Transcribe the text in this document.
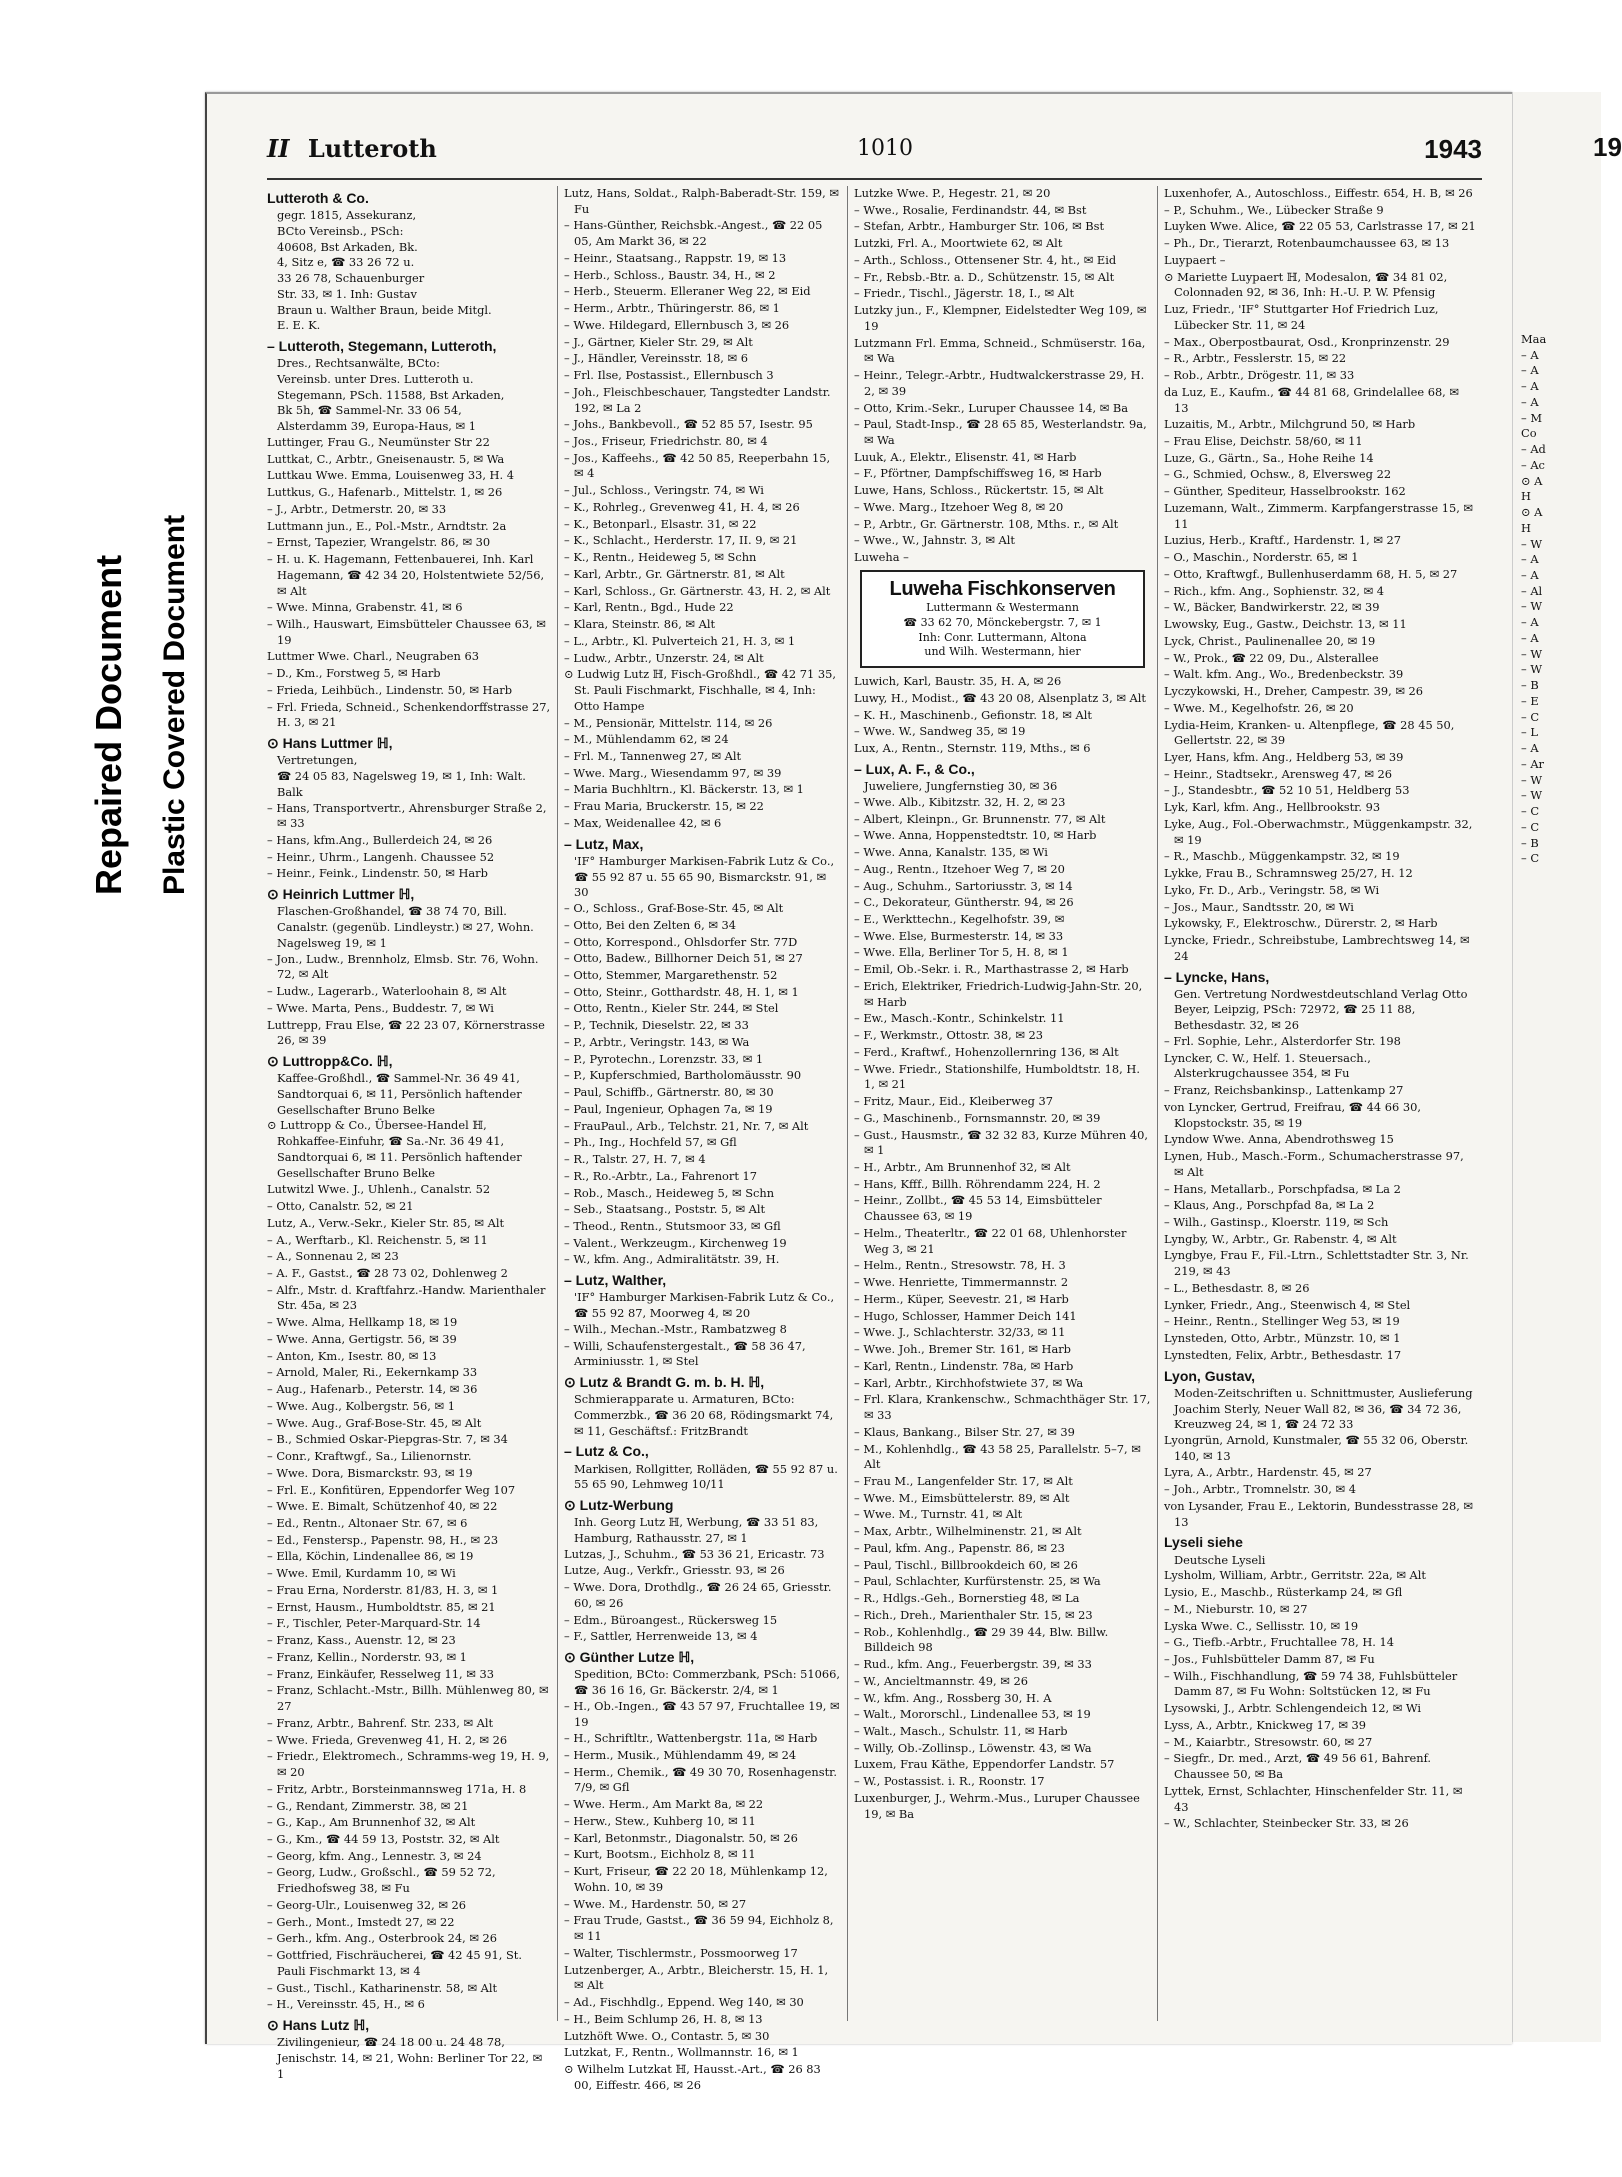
Repaired Document Plastic Covered Document
II Lutteroth	1010	1943
Lutteroth & Co.
gegr. 1815, Assekuranz,
BCto Vereinsb., PSch:
40608, Bst Arkaden, Bk.
4, Sitz e, ☎ 33 26 72 u.
33 26 78, Schauenburger
Str. 33, ✉ 1. Inh: Gustav
Braun u. Walther Braun, beide Mitgl.
E. E. K.
– Lutteroth, Stegemann, Lutteroth,
Dres., Rechtsanwälte, BCto:
Vereinsb. unter Dres. Lutteroth u.
Stegemann, PSch. 11588, Bst Arkaden,
Bk 5h, ☎ Sammel-Nr. 33 06 54,
Alsterdamm 39, Europa-Haus, ✉ 1
Luttinger, Frau G., Neumünster Str 22
Luttkat, C., Arbtr., Gneisenaustr. 5, ✉ Wa
Luttkau Wwe. Emma, Louisenweg 33, H. 4
Luttkus, G., Hafenarb., Mittelstr. 1, ✉ 26
– J., Arbtr., Detmerstr. 20, ✉ 33
Luttmann jun., E., Pol.-Mstr., Arndtstr. 2a
– Ernst, Tapezier, Wrangelstr. 86, ✉ 30
– H. u. K. Hagemann, Fettenbauerei, Inh. Karl Hagemann, ☎ 42 34 20, Holstentwiete 52/56, ✉ Alt
– Wwe. Minna, Grabenstr. 41, ✉ 6
– Wilh., Hauswart, Eimsbütteler Chaussee 63, ✉ 19
Luttmer Wwe. Charl., Neugraben 63
– D., Km., Forstweg 5, ✉ Harb
– Frieda, Leihbüch., Lindenstr. 50, ✉ Harb
– Frl. Frieda, Schneid., Schenkendorffstrasse 27, H. 3, ✉ 21
⊙ Hans Luttmer ℍ,
Vertretungen,
☎ 24 05 83, Nagelsweg 19, ✉ 1, Inh: Walt. Balk
– Hans, Transportvertr., Ahrensburger Straße 2, ✉ 33
– Hans, kfm.Ang., Bullerdeich 24, ✉ 26
– Heinr., Uhrm., Langenh. Chaussee 52
– Heinr., Feink., Lindenstr. 50, ✉ Harb
⊙ Heinrich Luttmer ℍ,
Flaschen-Großhandel, ☎ 38 74 70, Bill. Canalstr. (gegenüb. Lindleystr.) ✉ 27, Wohn. Nagelsweg 19, ✉ 1
– Jon., Ludw., Brennholz, Elmsb. Str. 76, Wohn. 72, ✉ Alt
– Ludw., Lagerarb., Waterloohain 8, ✉ Alt
– Wwe. Marta, Pens., Buddestr. 7, ✉ Wi
Luttrepp, Frau Else, ☎ 22 23 07, Körnerstrasse 26, ✉ 39
⊙ Luttropp&Co. ℍ,
Kaffee-Großhdl., ☎ Sammel-Nr. 36 49 41, Sandtorquai 6, ✉ 11, Persönlich haftender Gesellschafter Bruno Belke
⊙ Luttropp & Co., Übersee-Handel ℍ, Rohkaffee-Einfuhr, ☎ Sa.-Nr. 36 49 41, Sandtorquai 6, ✉ 11. Persönlich haftender Gesellschafter Bruno Belke
Lutwitzl Wwe. J., Uhlenh., Canalstr. 52
– Otto, Canalstr. 52, ✉ 21
Lutz, A., Verw.-Sekr., Kieler Str. 85, ✉ Alt
– A., Werftarb., Kl. Reichenstr. 5, ✉ 11
– A., Sonnenau 2, ✉ 23
– A. F., Gastst., ☎ 28 73 02, Dohlenweg 2
– Alfr., Mstr. d. Kraftfahrz.-Handw. Marienthaler Str. 45a, ✉ 23
– Wwe. Alma, Hellkamp 18, ✉ 19
– Wwe. Anna, Gertigstr. 56, ✉ 39
– Anton, Km., Isestr. 80, ✉ 13
– Arnold, Maler, Ri., Eekernkamp 33
– Aug., Hafenarb., Peterstr. 14, ✉ 36
– Wwe. Aug., Kolbergstr. 56, ✉ 1
– Wwe. Aug., Graf-Bose-Str. 45, ✉ Alt
– B., Schmied Oskar-Piepgras-Str. 7, ✉ 34
– Conr., Kraftwgf., Sa., Lilienornstr.
– Wwe. Dora, Bismarckstr. 93, ✉ 19
– Frl. E., Konfitüren, Eppendorfer Weg 107
– Wwe. E. Bimalt, Schützenhof 40, ✉ 22
– Ed., Rentn., Altonaer Str. 67, ✉ 6
– Ed., Fenstersp., Papenstr. 98, H., ✉ 23
– Ella, Köchin, Lindenallee 86, ✉ 19
– Wwe. Emil, Kurdamm 10, ✉ Wi
– Frau Erna, Norderstr. 81/83, H. 3, ✉ 1
– Ernst, Hausm., Humboldtstr. 85, ✉ 21
– F., Tischler, Peter-Marquard-Str. 14
– Franz, Kass., Auenstr. 12, ✉ 23
– Franz, Kellin., Norderstr. 93, ✉ 1
– Franz, Einkäufer, Resselweg 11, ✉ 33
– Franz, Schlacht.-Mstr., Billh. Mühlenweg 80, ✉ 27
– Franz, Arbtr., Bahrenf. Str. 233, ✉ Alt
– Wwe. Frieda, Grevenweg 41, H. 2, ✉ 26
– Friedr., Elektromech., Schramms-weg 19, H. 9, ✉ 20
– Fritz, Arbtr., Borsteinmannsweg 171a, H. 8
– G., Rendant, Zimmerstr. 38, ✉ 21
– G., Kap., Am Brunnenhof 32, ✉ Alt
– G., Km., ☎ 44 59 13, Poststr. 32, ✉ Alt
– Georg, kfm. Ang., Lennestr. 3, ✉ 24
– Georg, Ludw., Großschl., ☎ 59 52 72, Friedhofsweg 38, ✉ Fu
– Georg-Ulr., Louisenweg 32, ✉ 26
– Gerh., Mont., Imstedt 27, ✉ 22
– Gerh., kfm. Ang., Osterbrook 24, ✉ 26
– Gottfried, Fischräucherei, ☎ 42 45 91, St. Pauli Fischmarkt 13, ✉ 4
– Gust., Tischl., Katharinenstr. 58, ✉ Alt
– H., Vereinsstr. 45, H., ✉ 6
⊙ Hans Lutz ℍ,
Zivilingenieur, ☎ 24 18 00 u. 24 48 78, Jenischstr. 14, ✉ 21, Wohn: Berliner Tor 22, ✉ 1
Lutz, Hans, Soldat., Ralph-Baberadt-Str. 159, ✉ Fu
– Hans-Günther, Reichsbk.-Angest., ☎ 22 05 05, Am Markt 36, ✉ 22
– Heinr., Staatsang., Rappstr. 19, ✉ 13
– Herb., Schloss., Baustr. 34, H., ✉ 2
– Herb., Steuerm. Elleraner Weg 22, ✉ Eid
– Herm., Arbtr., Thüringerstr. 86, ✉ 1
– Wwe. Hildegard, Ellernbusch 3, ✉ 26
– J., Gärtner, Kieler Str. 29, ✉ Alt
– J., Händler, Vereinsstr. 18, ✉ 6
– Frl. Ilse, Postassist., Ellernbusch 3
– Joh., Fleischbeschauer, Tangstedter Landstr. 192, ✉ La 2
– Johs., Bankbevoll., ☎ 52 85 57, Isestr. 95
– Jos., Friseur, Friedrichstr. 80, ✉ 4
– Jos., Kaffeehs., ☎ 42 50 85, Reeperbahn 15, ✉ 4
– Jul., Schloss., Veringstr. 74, ✉ Wi
– K., Rohrleg., Grevenweg 41, H. 4, ✉ 26
– K., Betonparl., Elsastr. 31, ✉ 22
– K., Schlacht., Herderstr. 17, II. 9, ✉ 21
– K., Rentn., Heideweg 5, ✉ Schn
– Karl, Arbtr., Gr. Gärtnerstr. 81, ✉ Alt
– Karl, Schloss., Gr. Gärtnerstr. 43, H. 2, ✉ Alt
– Karl, Rentn., Bgd., Hude 22
– Klara, Steinstr. 86, ✉ Alt
– L., Arbtr., Kl. Pulverteich 21, H. 3, ✉ 1
– Ludw., Arbtr., Unzerstr. 24, ✉ Alt
⊙ Ludwig Lutz ℍ, Fisch-Großhdl., ☎ 42 71 35, St. Pauli Fischmarkt, Fischhalle, ✉ 4, Inh: Otto Hampe
– M., Pensionär, Mittelstr. 114, ✉ 26
– M., Mühlendamm 62, ✉ 24
– Frl. M., Tannenweg 27, ✉ Alt
– Wwe. Marg., Wiesendamm 97, ✉ 39
– Maria Buchhltrn., Kl. Bäckerstr. 13, ✉ 1
– Frau Maria, Bruckerstr. 15, ✉ 22
– Max, Weidenallee 42, ✉ 6
– Lutz, Max,
'IF° Hamburger Markisen-Fabrik Lutz & Co., ☎ 55 92 87 u. 55 65 90, Bismarckstr. 91, ✉ 30
– O., Schloss., Graf-Bose-Str. 45, ✉ Alt
– Otto, Bei den Zelten 6, ✉ 34
– Otto, Korrespond., Ohlsdorfer Str. 77D
– Otto, Badew., Billhorner Deich 51, ✉ 27
– Otto, Stemmer, Margarethenstr. 52
– Otto, Steinr., Gotthardstr. 48, H. 1, ✉ 1
– Otto, Rentn., Kieler Str. 244, ✉ Stel
– P., Technik, Dieselstr. 22, ✉ 33
– P., Arbtr., Veringstr. 143, ✉ Wa
– P., Pyrotechn., Lorenzstr. 33, ✉ 1
– P., Kupferschmied, Bartholomäusstr. 90
– Paul, Schiffb., Gärtnerstr. 80, ✉ 30
– Paul, Ingenieur, Ophagen 7a, ✉ 19
– FrauPaul., Arb., Telchstr. 21, Nr. 7, ✉ Alt
– Ph., Ing., Hochfeld 57, ✉ Gfl
– R., Talstr. 27, H. 7, ✉ 4
– R., Ro.-Arbtr., La., Fahrenort 17
– Rob., Masch., Heideweg 5, ✉ Schn
– Seb., Staatsang., Poststr. 5, ✉ Alt
– Theod., Rentn., Stutsmoor 33, ✉ Gfl
– Valent., Werkzeugm., Kirchenweg 19
– W., kfm. Ang., Admiralitätstr. 39, H.
– Lutz, Walther,
'IF° Hamburger Markisen-Fabrik Lutz & Co., ☎ 55 92 87, Moorweg 4, ✉ 20
– Wilh., Mechan.-Mstr., Rambatzweg 8
– Willi, Schaufenstergestalt., ☎ 58 36 47, Arminiusstr. 1, ✉ Stel
⊙ Lutz & Brandt G. m. b. H. ℍ,
Schmierapparate u. Armaturen, BCto: Commerzbk., ☎ 36 20 68, Rödingsmarkt 74, ✉ 11, Geschäftsf.: FritzBrandt
– Lutz & Co.,
Markisen, Rollgitter, Rolläden, ☎ 55 92 87 u. 55 65 90, Lehmweg 10/11
⊙ Lutz-Werbung
Inh. Georg Lutz ℍ, Werbung, ☎ 33 51 83, Hamburg, Rathausstr. 27, ✉ 1
Lutzas, J., Schuhm., ☎ 53 36 21, Ericastr. 73
Lutze, Aug., Verkfr., Griesstr. 93, ✉ 26
– Wwe. Dora, Drothdlg., ☎ 26 24 65, Griesstr. 60, ✉ 26
– Edm., Büroangest., Rückersweg 15
– F., Sattler, Herrenweide 13, ✉ 4
⊙ Günther Lutze ℍ,
Spedition, BCto: Commerzbank, PSch: 51066, ☎ 36 16 16, Gr. Bäckerstr. 2/4, ✉ 1
– H., Ob.-Ingen., ☎ 43 57 97, Fruchtallee 19, ✉ 19
– H., Schriftltr., Wattenbergstr. 11a, ✉ Harb
– Herm., Musik., Mühlendamm 49, ✉ 24
– Herm., Chemik., ☎ 49 30 70, Rosenhagenstr. 7/9, ✉ Gfl
– Wwe. Herm., Am Markt 8a, ✉ 22
– Herw., Stew., Kuhberg 10, ✉ 11
– Karl, Betonmstr., Diagonalstr. 50, ✉ 26
– Kurt, Bootsm., Eichholz 8, ✉ 11
– Kurt, Friseur, ☎ 22 20 18, Mühlenkamp 12, Wohn. 10, ✉ 39
– Wwe. M., Hardenstr. 50, ✉ 27
– Frau Trude, Gastst., ☎ 36 59 94, Eichholz 8, ✉ 11
– Walter, Tischlermstr., Possmoorweg 17
Lutzenberger, A., Arbtr., Bleicherstr. 15, H. 1, ✉ Alt
– Ad., Fischhdlg., Eppend. Weg 140, ✉ 30
– H., Beim Schlump 26, H. 8, ✉ 13
Lutzhöft Wwe. O., Contastr. 5, ✉ 30
Lutzkat, F., Rentn., Wollmannstr. 16, ✉ 1
⊙ Wilhelm Lutzkat ℍ, Hausst.-Art., ☎ 26 83 00, Eiffestr. 466, ✉ 26
Lutzke Wwe. P., Hegestr. 21, ✉ 20
– Wwe., Rosalie, Ferdinandstr. 44, ✉ Bst
– Stefan, Arbtr., Hamburger Str. 106, ✉ Bst
Lutzki, Frl. A., Moortwiete 62, ✉ Alt
– Arth., Schloss., Ottensener Str. 4, ht., ✉ Eid
– Fr., Rebsb.-Btr. a. D., Schützenstr. 15, ✉ Alt
– Friedr., Tischl., Jägerstr. 18, I., ✉ Alt
Lutzky jun., F., Klempner, Eidelstedter Weg 109, ✉ 19
Lutzmann Frl. Emma, Schneid., Schmüserstr. 16a, ✉ Wa
– Heinr., Telegr.-Arbtr., Hudtwalckerstrasse 29, H. 2, ✉ 39
– Otto, Krim.-Sekr., Luruper Chaussee 14, ✉ Ba
– Paul, Stadt-Insp., ☎ 28 65 85, Westerlandstr. 9a, ✉ Wa
Luuk, A., Elektr., Elisenstr. 41, ✉ Harb
– F., Pförtner, Dampfschiffsweg 16, ✉ Harb
Luwe, Hans, Schloss., Rückertstr. 15, ✉ Alt
– Wwe. Marg., Itzehoer Weg 8, ✉ 20
– P., Arbtr., Gr. Gärtnerstr. 108, Mths. r., ✉ Alt
– Wwe., W., Jahnstr. 3, ✉ Alt
Luweha –
Luweha Fischkonserven
Luttermann & Westermann
☎ 33 62 70, Mönckebergstr. 7, ✉ 1
Inh: Conr. Luttermann, Altona
und Wilh. Westermann, hier
Luwich, Karl, Baustr. 35, H. A, ✉ 26
Luwy, H., Modist., ☎ 43 20 08, Alsenplatz 3, ✉ Alt
– K. H., Maschinenb., Gefionstr. 18, ✉ Alt
– Wwe. W., Sandweg 35, ✉ 19
Lux, A., Rentn., Sternstr. 119, Mths., ✉ 6
– Lux, A. F., & Co.,
Juweliere, Jungfernstieg 30, ✉ 36
– Wwe. Alb., Kibitzstr. 32, H. 2, ✉ 23
– Albert, Kleinpn., Gr. Brunnenstr. 77, ✉ Alt
– Wwe. Anna, Hoppenstedtstr. 10, ✉ Harb
– Wwe. Anna, Kanalstr. 135, ✉ Wi
– Aug., Rentn., Itzehoer Weg 7, ✉ 20
– Aug., Schuhm., Sartoriusstr. 3, ✉ 14
– C., Dekorateur, Güntherstr. 94, ✉ 26
– E., Werkttechn., Kegelhofstr. 39, ✉
– Wwe. Else, Burmesterstr. 14, ✉ 33
– Wwe. Ella, Berliner Tor 5, H. 8, ✉ 1
– Emil, Ob.-Sekr. i. R., Marthastrasse 2, ✉ Harb
– Erich, Elektriker, Friedrich-Ludwig-Jahn-Str. 20, ✉ Harb
– Ew., Masch.-Kontr., Schinkelstr. 11
– F., Werkmstr., Ottostr. 38, ✉ 23
– Ferd., Kraftwf., Hohenzollernring 136, ✉ Alt
– Wwe. Friedr., Stationshilfe, Humboldtstr. 18, H. 1, ✉ 21
– Fritz, Maur., Eid., Kleiberweg 37
– G., Maschinenb., Fornsmannstr. 20, ✉ 39
– Gust., Hausmstr., ☎ 32 32 83, Kurze Mühren 40, ✉ 1
– H., Arbtr., Am Brunnenhof 32, ✉ Alt
– Hans, Kfff., Billh. Röhrendamm 224, H. 2
– Heinr., Zollbt., ☎ 45 53 14, Eimsbütteler Chaussee 63, ✉ 19
– Helm., Theaterltr., ☎ 22 01 68, Uhlenhorster Weg 3, ✉ 21
– Helm., Rentn., Stresowstr. 78, H. 3
– Wwe. Henriette, Timmermannstr. 2
– Herm., Küper, Seevestr. 21, ✉ Harb
– Hugo, Schlosser, Hammer Deich 141
– Wwe. J., Schlachterstr. 32/33, ✉ 11
– Wwe. Joh., Bremer Str. 161, ✉ Harb
– Karl, Rentn., Lindenstr. 78a, ✉ Harb
– Karl, Arbtr., Kirchhofstwiete 37, ✉ Wa
– Frl. Klara, Krankenschw., Schmachthäger Str. 17, ✉ 33
– Klaus, Bankang., Bilser Str. 27, ✉ 39
– M., Kohlenhdlg., ☎ 43 58 25, Parallelstr. 5–7, ✉ Alt
– Frau M., Langenfelder Str. 17, ✉ Alt
– Wwe. M., Eimsbüttelerstr. 89, ✉ Alt
– Wwe. M., Turnstr. 41, ✉ Alt
– Max, Arbtr., Wilhelminenstr. 21, ✉ Alt
– Paul, kfm. Ang., Papenstr. 86, ✉ 23
– Paul, Tischl., Billbrookdeich 60, ✉ 26
– Paul, Schlachter, Kurfürstenstr. 25, ✉ Wa
– R., Hdlgs.-Geh., Bornerstieg 48, ✉ La
– Rich., Dreh., Marienthaler Str. 15, ✉ 23
– Rob., Kohlenhdlg., ☎ 29 39 44, Blw. Billw. Billdeich 98
– Rud., kfm. Ang., Feuerbergstr. 39, ✉ 33
– W., Ancieltmannstr. 49, ✉ 26
– W., kfm. Ang., Rossberg 30, H. A
– Walt., Mororschl., Lindenallee 53, ✉ 19
– Walt., Masch., Schulstr. 11, ✉ Harb
– Willy, Ob.-Zollinsp., Löwenstr. 43, ✉ Wa
Luxem, Frau Käthe, Eppendorfer Landstr. 57
– W., Postassist. i. R., Roonstr. 17
Luxenburger, J., Wehrm.-Mus., Luruper Chaussee 19, ✉ Ba
Luxenhofer, A., Autoschloss., Eiffestr. 654, H. B, ✉ 26
– P., Schuhm., We., Lübecker Straße 9
Luyken Wwe. Alice, ☎ 22 05 53, Carlstrasse 17, ✉ 21
– Ph., Dr., Tierarzt, Rotenbaumchaussee 63, ✉ 13
Luypaert –
⊙ Mariette Luypaert ℍ, Modesalon, ☎ 34 81 02, Colonnaden 92, ✉ 36, Inh: H.-U. P. W. Pfensig
Luz, Friedr., 'IF° Stuttgarter Hof Friedrich Luz, Lübecker Str. 11, ✉ 24
– Max., Oberpostbaurat, Osd., Kronprinzenstr. 29
– R., Arbtr., Fesslerstr. 15, ✉ 22
– Rob., Arbtr., Drögestr. 11, ✉ 33
da Luz, E., Kaufm., ☎ 44 81 68, Grindelallee 68, ✉ 13
Luzaitis, M., Arbtr., Milchgrund 50, ✉ Harb
– Frau Elise, Deichstr. 58/60, ✉ 11
Luze, G., Gärtn., Sa., Hohe Reihe 14
– G., Schmied, Ochsw., 8, Elversweg 22
– Günther, Spediteur, Hasselbrookstr. 162
Luzemann, Walt., Zimmerm. Karpfangerstrasse 15, ✉ 11
Luzius, Herb., Kraftf., Hardenstr. 1, ✉ 27
– O., Maschin., Norderstr. 65, ✉ 1
– Otto, Kraftwgf., Bullenhuserdamm 68, H. 5, ✉ 27
– Rich., kfm. Ang., Sophienstr. 32, ✉ 4
– W., Bäcker, Bandwirkerstr. 22, ✉ 39
Lwowsky, Eug., Gastw., Deichstr. 13, ✉ 11
Lyck, Christ., Paulinenallee 20, ✉ 19
– W., Prok., ☎ 22 09, Du., Alsterallee
– Walt. kfm. Ang., Wo., Bredenbeckstr. 39
Lyczykowski, H., Dreher, Campestr. 39, ✉ 26
– Wwe. M., Kegelhofstr. 26, ✉ 20
Lydia-Heim, Kranken- u. Altenpflege, ☎ 28 45 50, Gellertstr. 22, ✉ 39
Lyer, Hans, kfm. Ang., Heldberg 53, ✉ 39
– Heinr., Stadtsekr., Arensweg 47, ✉ 26
– J., Standesbtr., ☎ 52 10 51, Heldberg 53
Lyk, Karl, kfm. Ang., Hellbrookstr. 93
Lyke, Aug., Fol.-Oberwachmstr., Müggenkampstr. 32, ✉ 19
– R., Maschb., Müggenkampstr. 32, ✉ 19
Lykke, Frau B., Schramnsweg 25/27, H. 12
Lyko, Fr. D., Arb., Veringstr. 58, ✉ Wi
– Jos., Maur., Sandtsstr. 20, ✉ Wi
Lykowsky, F., Elektroschw., Dürerstr. 2, ✉ Harb
Lyncke, Friedr., Schreibstube, Lambrechtsweg 14, ✉ 24
– Lyncke, Hans,
Gen. Vertretung Nordwestdeutschland Verlag Otto Beyer, Leipzig, PSch: 72972, ☎ 25 11 88, Bethesdastr. 32, ✉ 26
– Frl. Sophie, Lehr., Alsterdorfer Str. 198
Lyncker, C. W., Helf. 1. Steuersach., Alsterkrugchaussee 354, ✉ Fu
– Franz, Reichsbankinsp., Lattenkamp 27
von Lyncker, Gertrud, Freifrau, ☎ 44 66 30, Klopstockstr. 35, ✉ 19
Lyndow Wwe. Anna, Abendrothsweg 15
Lynen, Hub., Masch.-Form., Schumacherstrasse 97, ✉ Alt
– Hans, Metallarb., Porschpfadsa, ✉ La 2
– Klaus, Ang., Porschpfad 8a, ✉ La 2
– Wilh., Gastinsp., Kloerstr. 119, ✉ Sch
Lyngby, W., Arbtr., Gr. Rabenstr. 4, ✉ Alt
Lyngbye, Frau F., Fil.-Ltrn., Schlettstadter Str. 3, Nr. 219, ✉ 43
– L., Bethesdastr. 8, ✉ 26
Lynker, Friedr., Ang., Steenwisch 4, ✉ Stel
– Heinr., Rentn., Stellinger Weg 53, ✉ 19
Lynsteden, Otto, Arbtr., Münzstr. 10, ✉ 1
Lynstedten, Felix, Arbtr., Bethesdastr. 17
Lyon, Gustav,
Moden-Zeitschriften u. Schnittmuster, Auslieferung Joachim Sterly, Neuer Wall 82, ✉ 36, ☎ 34 72 36, Kreuzweg 24, ✉ 1, ☎ 24 72 33
Lyongrün, Arnold, Kunstmaler, ☎ 55 32 06, Oberstr. 140, ✉ 13
Lyra, A., Arbtr., Hardenstr. 45, ✉ 27
– Joh., Arbtr., Tromnelstr. 30, ✉ 4
von Lysander, Frau E., Lektorin, Bundesstrasse 28, ✉ 13
Lyseli siehe
Deutsche Lyseli
Lysholm, William, Arbtr., Gerritstr. 22a, ✉ Alt
Lysio, E., Maschb., Rüsterkamp 24, ✉ Gfl
– M., Nieburstr. 10, ✉ 27
Lyska Wwe. C., Sellisstr. 10, ✉ 19
– G., Tiefb.-Arbtr., Fruchtallee 78, H. 14
– Jos., Fuhlsbütteler Damm 87, ✉ Fu
– Wilh., Fischhandlung, ☎ 59 74 38, Fuhlsbütteler Damm 87, ✉ Fu Wohn: Soltstücken 12, ✉ Fu
Lysowski, J., Arbtr. Schlengendeich 12, ✉ Wi
Lyss, A., Arbtr., Knickweg 17, ✉ 39
– M., Kaiarbtr., Stresowstr. 60, ✉ 27
– Siegfr., Dr. med., Arzt, ☎ 49 56 61, Bahrenf. Chaussee 50, ✉ Ba
Lyttek, Ernst, Schlachter, Hinschenfelder Str. 11, ✉ 43
– W., Schlachter, Steinbecker Str. 33, ✉ 26
19
Maa
– A
– A
– A
– A
– M
Co
– Ad
– Ac
⊙ A
H
⊙ A
H
– W
– A
– A
– Al
– W
– A
– A
– W
– W
– B
– E
– C
– L
– A
– Ar
– W
– W
– C
– C
– B
– C
